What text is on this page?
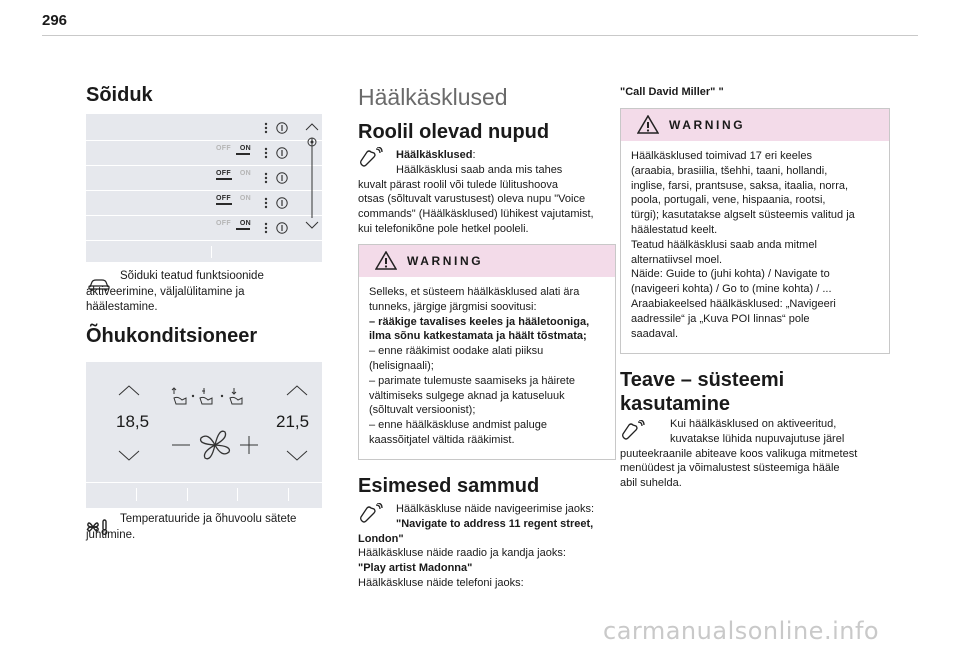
296
Sõiduk
OFF ON
OFF ON
OFF ON
OFF ON
Sõiduki teatud funktsioonide aktiveerimine, väljalülitamine ja häälestamine.
Õhukonditsioneer
18,5	21,5
Temperatuuride ja õhuvoolu sätete juhtimine.
Häälkäsklused
Roolil olevad nupud
Häälkäsklused:
Häälkäsklusi saab anda mis tahes
kuvalt pärast roolil või tulede lülitushoova
otsas (sõltuvalt varustusest) oleva nupu "Voice
commands" (Häälkäsklused) lühikest vajutamist,
kui telefonikõne pole hetkel pooleli.
WARNING
Selleks, et süsteem häälkäsklused alati ära
tunneks, järgige järgmisi soovitusi:
– rääkige tavalises keeles ja hääletooniga,
ilma sõnu katkestamata ja häält tõstmata;
– enne rääkimist oodake alati piiksu
(helisignaali);
– parimate tulemuste saamiseks ja häirete
vältimiseks sulgege aknad ja katuseluuk
(sõltuvalt versioonist);
– enne häälkäskluse andmist paluge
kaassõitjatel vältida rääkimist.
Esimesed sammud
Häälkäskluse näide navigeerimise jaoks:
"Navigate to address 11 regent street,
London"
Häälkäskluse näide raadio ja kandja jaoks:
"Play artist Madonna"
Häälkäskluse näide telefoni jaoks:
"Call David Miller" "
WARNING
Häälkäsklused toimivad 17 eri keeles
(araabia, brasiilia, tšehhi, taani, hollandi,
inglise, farsi, prantsuse, saksa, itaalia, norra,
poola, portugali, vene, hispaania, rootsi,
türgi); kasutatakse algselt süsteemis valitud ja
häälestatud keelt.
Teatud häälkäsklusi saab anda mitmel
alternatiivsel moel.
Näide: Guide to (juhi kohta) / Navigate to
(navigeeri kohta) / Go to (mine kohta) / ...
Araabiakeelsed häälkäsklused: „Navigeeri
aadressile“ ja „Kuva POI linnas“ pole
saadaval.
Teave – süsteemi
kasutamine
Kui häälkäsklused on aktiveeritud,
kuvatakse lühida nupuvajutuse järel
puuteekraanile abiteave koos valikuga mitmetest
menüüdest ja võimalustest süsteemiga hääle
abil suhelda.
carmanualsonline.info
